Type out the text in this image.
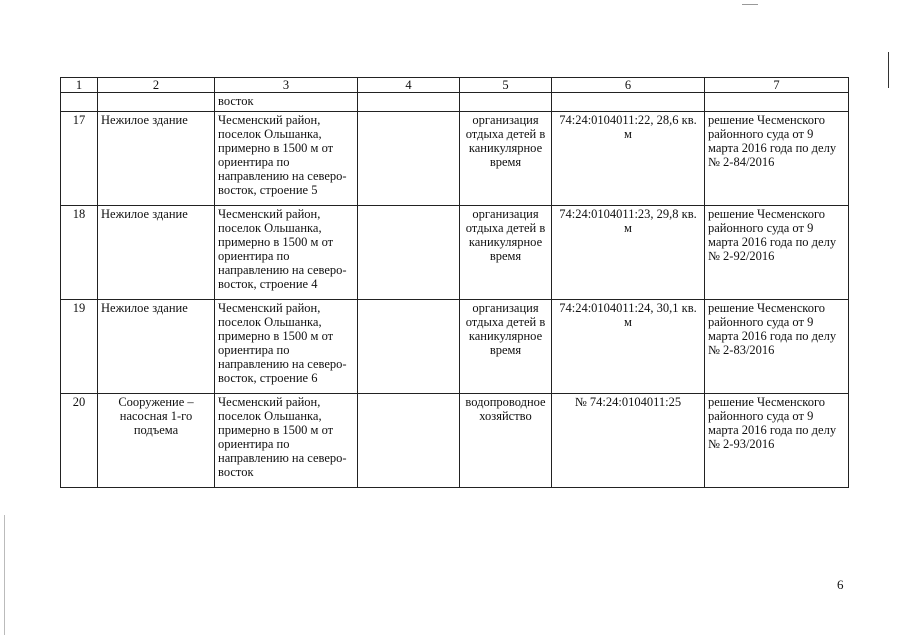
1	2	3	4	5	6	7
		восток				
17	Нежилое здание	Чесменский район, поселок Ольшанка, примерно в 1500 м от ориентира по направлению на северо-восток, строение 5		организация отдыха детей в каникулярное время	74:24:0104011:22, 28,6 кв. м	решение Чесменского районного суда от 9 марта 2016 года по делу № 2-84/2016
18	Нежилое здание	Чесменский район, поселок Ольшанка, примерно в 1500 м от ориентира по направлению на северо-восток, строение 4		организация отдыха детей в каникулярное время	74:24:0104011:23, 29,8 кв. м	решение Чесменского районного суда от 9 марта 2016 года по делу № 2-92/2016
19	Нежилое здание	Чесменский район, поселок Ольшанка, примерно в 1500 м от ориентира по направлению на северо-восток, строение 6		организация отдыха детей в каникулярное время	74:24:0104011:24, 30,1 кв. м	решение Чесменского районного суда от 9 марта 2016 года по делу № 2-83/2016
20	Сооружение – насосная 1-го подъема	Чесменский район, поселок Ольшанка, примерно в 1500 м от ориентира по направлению на северо-восток		водопроводное хозяйство	№ 74:24:0104011:25	решение Чесменского районного суда от 9 марта 2016 года по делу № 2-93/2016
6
